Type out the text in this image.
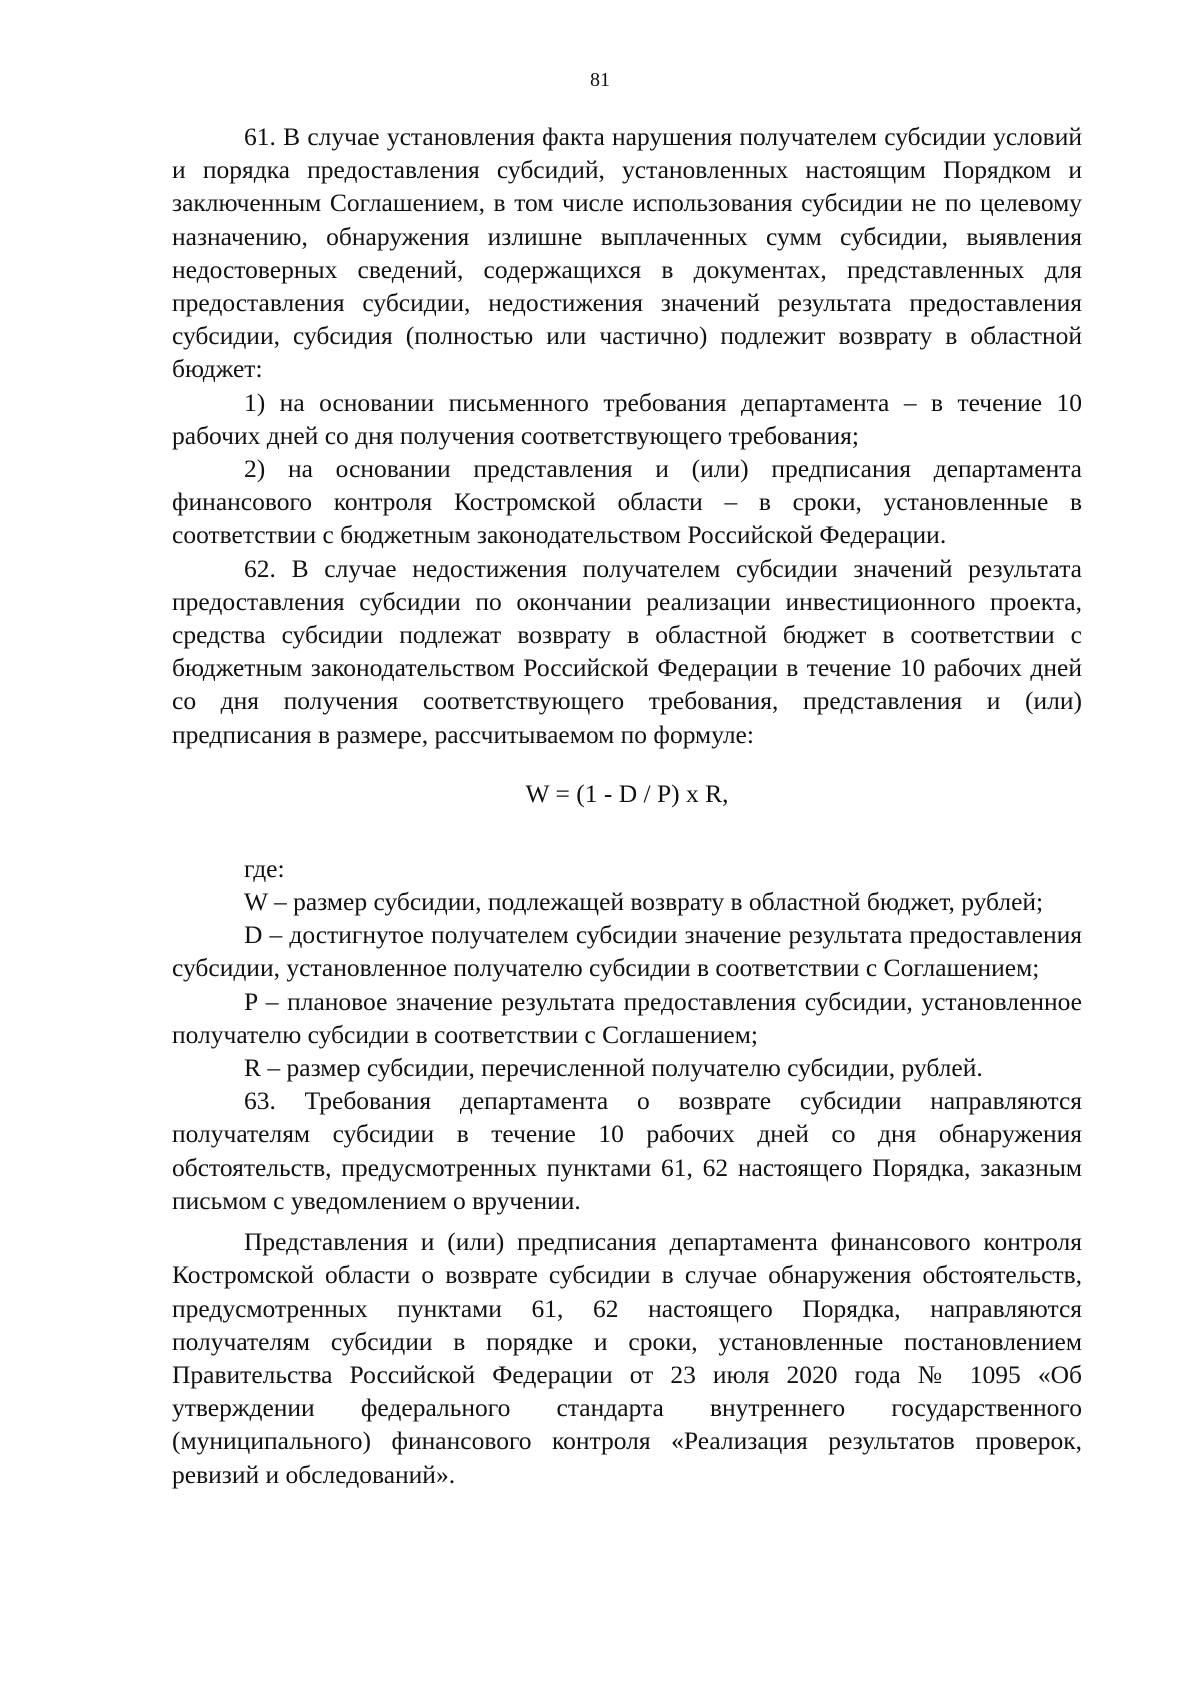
81

61. В случае установления факта нарушения получателем субсидии условий и порядка предоставления субсидий, установленных настоящим Порядком и заключенным Соглашением, в том числе использования субсидии не по целевому назначению, обнаружения излишне выплаченных сумм субсидии, выявления недостоверных сведений, содержащихся в документах, представленных для предоставления субсидии, недостижения значений результата предоставления субсидии, субсидия (полностью или частично) подлежит возврату в областной бюджет:

1) на основании письменного требования департамента – в течение 10 рабочих дней со дня получения соответствующего требования;

2) на основании представления и (или) предписания департамента финансового контроля Костромской области – в сроки, установленные в соответствии с бюджетным законодательством Российской Федерации.

62. В случае недостижения получателем субсидии значений результата предоставления субсидии по окончании реализации инвестиционного проекта, средства субсидии подлежат возврату в областной бюджет в соответствии с бюджетным законодательством Российской Федерации в течение 10 рабочих дней со дня получения соответствующего требования, представления и (или) предписания в размере, рассчитываемом по формуле:

W = (1 - D / P) x R,

где:

W – размер субсидии, подлежащей возврату в областной бюджет, рублей;

D – достигнутое получателем субсидии значение результата предоставления субсидии, установленное получателю субсидии в соответствии с Соглашением;

P – плановое значение результата предоставления субсидии, установленное получателю субсидии в соответствии с Соглашением;

R – размер субсидии, перечисленной получателю субсидии, рублей.

63. Требования департамента о возврате субсидии направляются получателям субсидии в течение 10 рабочих дней со дня обнаружения обстоятельств, предусмотренных пунктами 61, 62 настоящего Порядка, заказным письмом с уведомлением о вручении.

Представления и (или) предписания департамента финансового контроля Костромской области о возврате субсидии в случае обнаружения обстоятельств, предусмотренных пунктами 61, 62 настоящего Порядка, направляются получателям субсидии в порядке и сроки, установленные постановлением Правительства Российской Федерации от 23 июля 2020 года № 1095 «Об утверждении федерального стандарта внутреннего государственного (муниципального) финансового контроля «Реализация результатов проверок, ревизий и обследований».
